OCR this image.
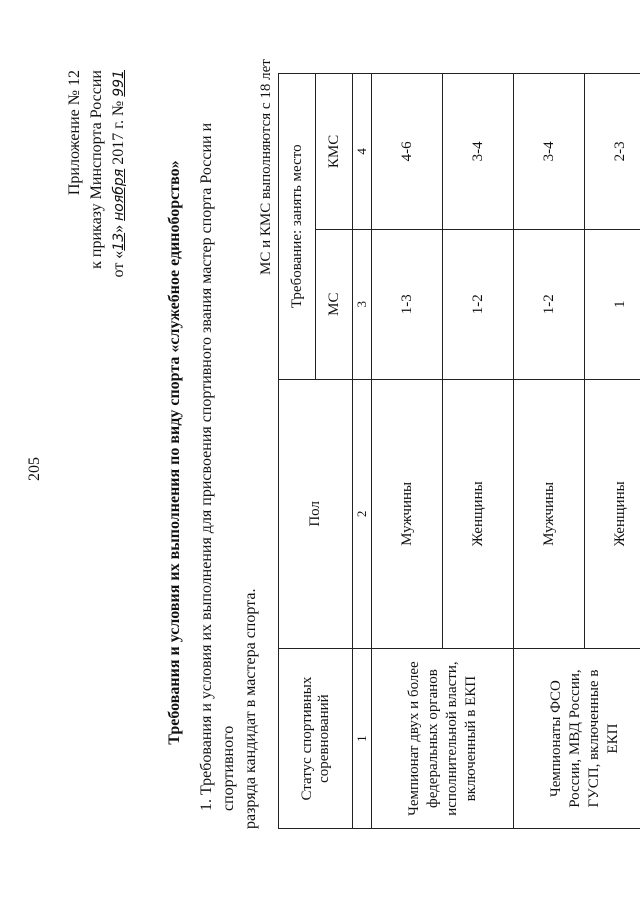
205
Приложение № 12 к приказу Минспорта России от «13» ноября 2017 г. № 991
Требования и условия их выполнения по виду спорта «служебное единоборство» 1. Требования и условия их выполнения для присвоения спортивного звания мастер спорта России и спортивного разряда кандидат в мастера спорта.
МС и КМС выполняются с 18 лет
Статус спортивных соревнований	Пол	Требование: занять место	
		МС	КМС
1	2	3	4
Чемпионат двух и более федеральных органов исполнительной власти, включенный в ЕКП	Мужчины	1-3	4-6
	Женщины	1-2	3-4
Чемпионаты ФСО России, МВД России, ГУСП, включенные в ЕКП	Мужчины	1-2	3-4
	Женщины	1	2-3
